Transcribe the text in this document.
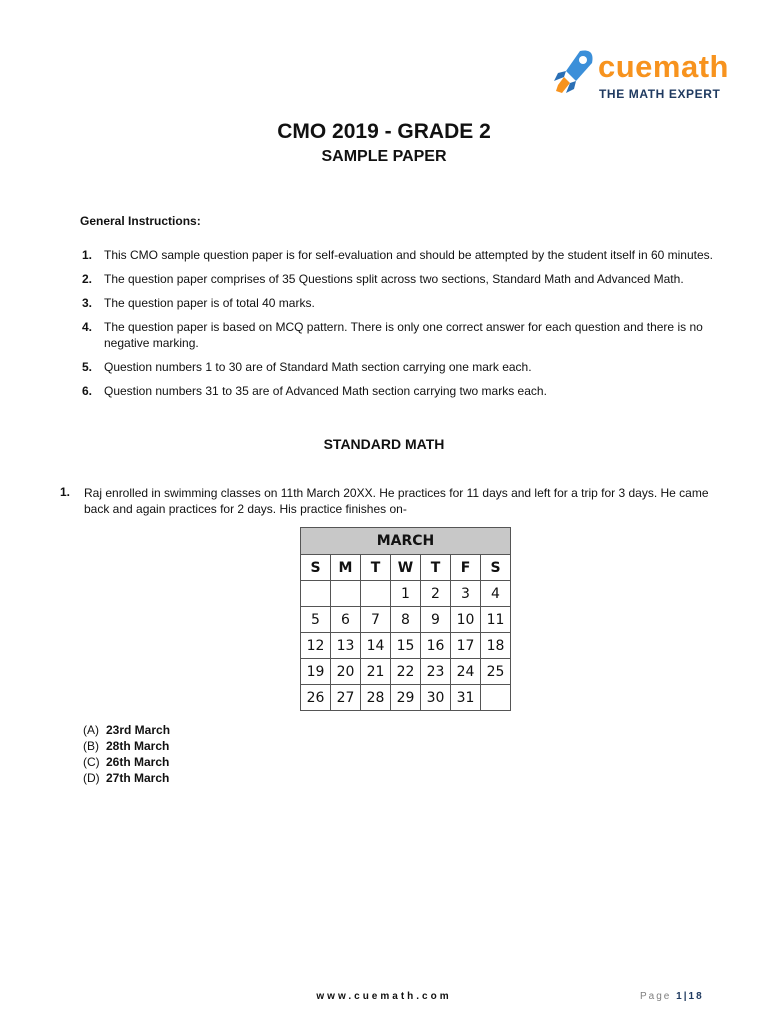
cuemath
THE MATH EXPERT
CMO 2019 - GRADE 2
SAMPLE PAPER
General Instructions:
1. This CMO sample question paper is for self-evaluation and should be attempted by the student itself in 60 minutes.
2. The question paper comprises of 35 Questions split across two sections, Standard Math and Advanced Math.
3. The question paper is of total 40 marks.
4. The question paper is based on MCQ pattern. There is only one correct answer for each question and there is no negative marking.
5. Question numbers 1 to 30 are of Standard Math section carrying one mark each.
6. Question numbers 31 to 35 are of Advanced Math section carrying two marks each.
STANDARD MATH
1. Raj enrolled in swimming classes on 11th March 20XX. He practices for 11 days and left for a trip for 3 days. He came back and again practices for 2 days. His practice finishes on-
MARCH						
S	M	T	W	T	F	S
			1	2	3	4
5	6	7	8	9	10	11
12	13	14	15	16	17	18
19	20	21	22	23	24	25
26	27	28	29	30	31	
(A) 23rd March
(B) 28th March
(C) 26th March
(D) 27th March
www.cuemath.com	Page 1|18
